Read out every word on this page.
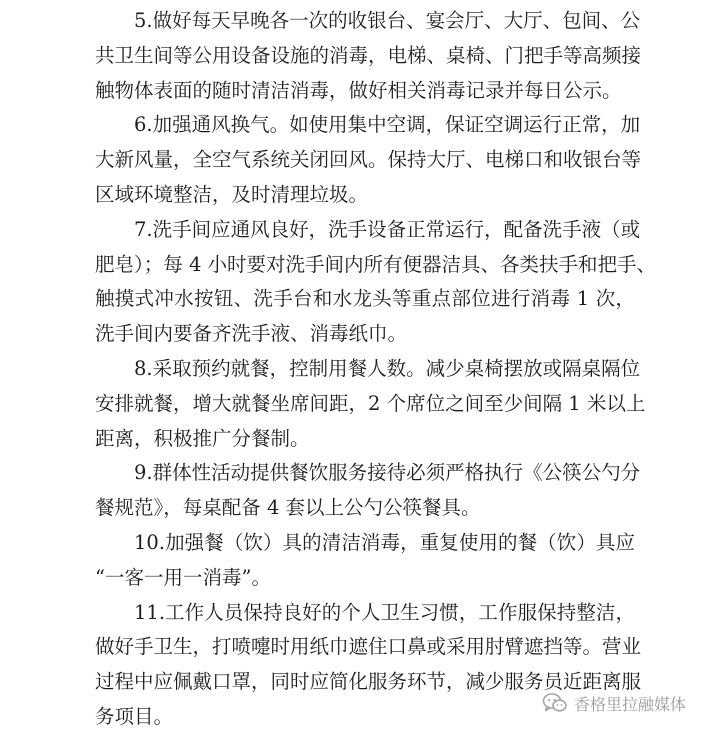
5.做好每天早晚各一次的收银台、宴会厅、大厅、包间、公
共卫生间等公用设备设施的消毒，电梯、桌椅、门把手等高频接
触物体表面的随时清洁消毒，做好相关消毒记录并每日公示。
6.加强通风换气。如使用集中空调，保证空调运行正常，加
大新风量，全空气系统关闭回风。保持大厅、电梯口和收银台等
区域环境整洁，及时清理垃圾。
7.洗手间应通风良好，洗手设备正常运行，配备洗手液（或
肥皂）；每 4 小时要对洗手间内所有便器洁具、各类扶手和把手、
触摸式冲水按钮、洗手台和水龙头等重点部位进行消毒 1 次，
洗手间内要备齐洗手液、消毒纸巾。
8.采取预约就餐，控制用餐人数。减少桌椅摆放或隔桌隔位
安排就餐，增大就餐坐席间距，2 个席位之间至少间隔 1 米以上
距离，积极推广分餐制。
9.群体性活动提供餐饮服务接待必须严格执行《公筷公勺分
餐规范》，每桌配备 4 套以上公勺公筷餐具。
10.加强餐（饮）具的清洁消毒，重复使用的餐（饮）具应
“一客一用一消毒”。
11.工作人员保持良好的个人卫生习惯，工作服保持整洁，
做好手卫生，打喷嚏时用纸巾遮住口鼻或采用肘臂遮挡等。营业
过程中应佩戴口罩，同时应简化服务环节，减少服务员近距离服
务项目。
香格里拉融媒体
